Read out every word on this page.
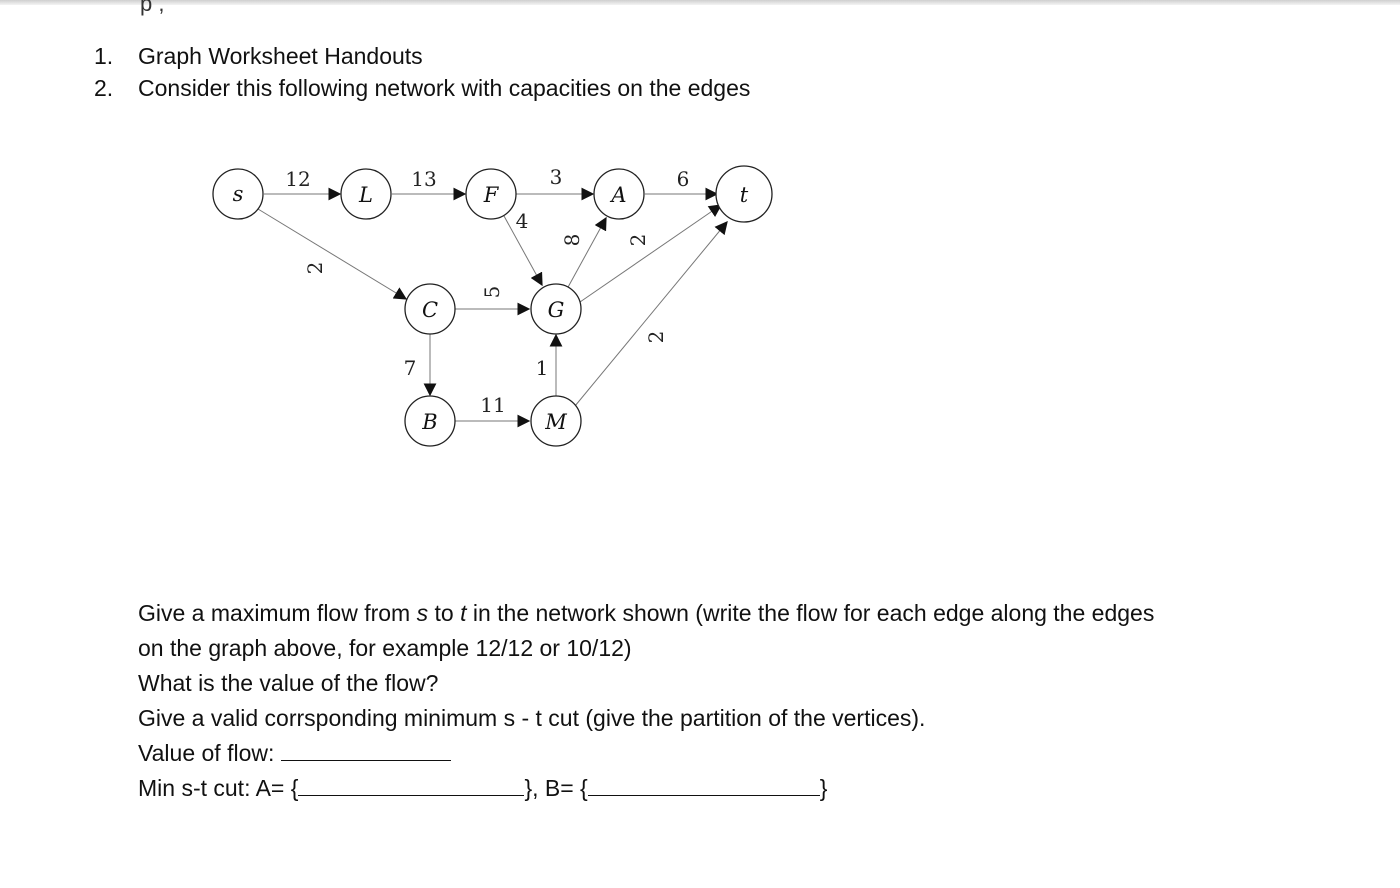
p ,
1. Graph Worksheet Handouts
2. Consider this following network with capacities on the edges
s	L	F	A	t
C	G
B	M
12	13	3	6
2
4
8 2
5
7	1
11
2
Give a maximum flow from s to t in the network shown (write the flow for each edge along the edges
on the graph above, for example 12/12 or 10/12)
What is the value of the flow?
Give a valid corrsponding minimum s - t cut (give the partition of the vertices).
Value of flow:
Min s-t cut: A= {	}, B= {	}
